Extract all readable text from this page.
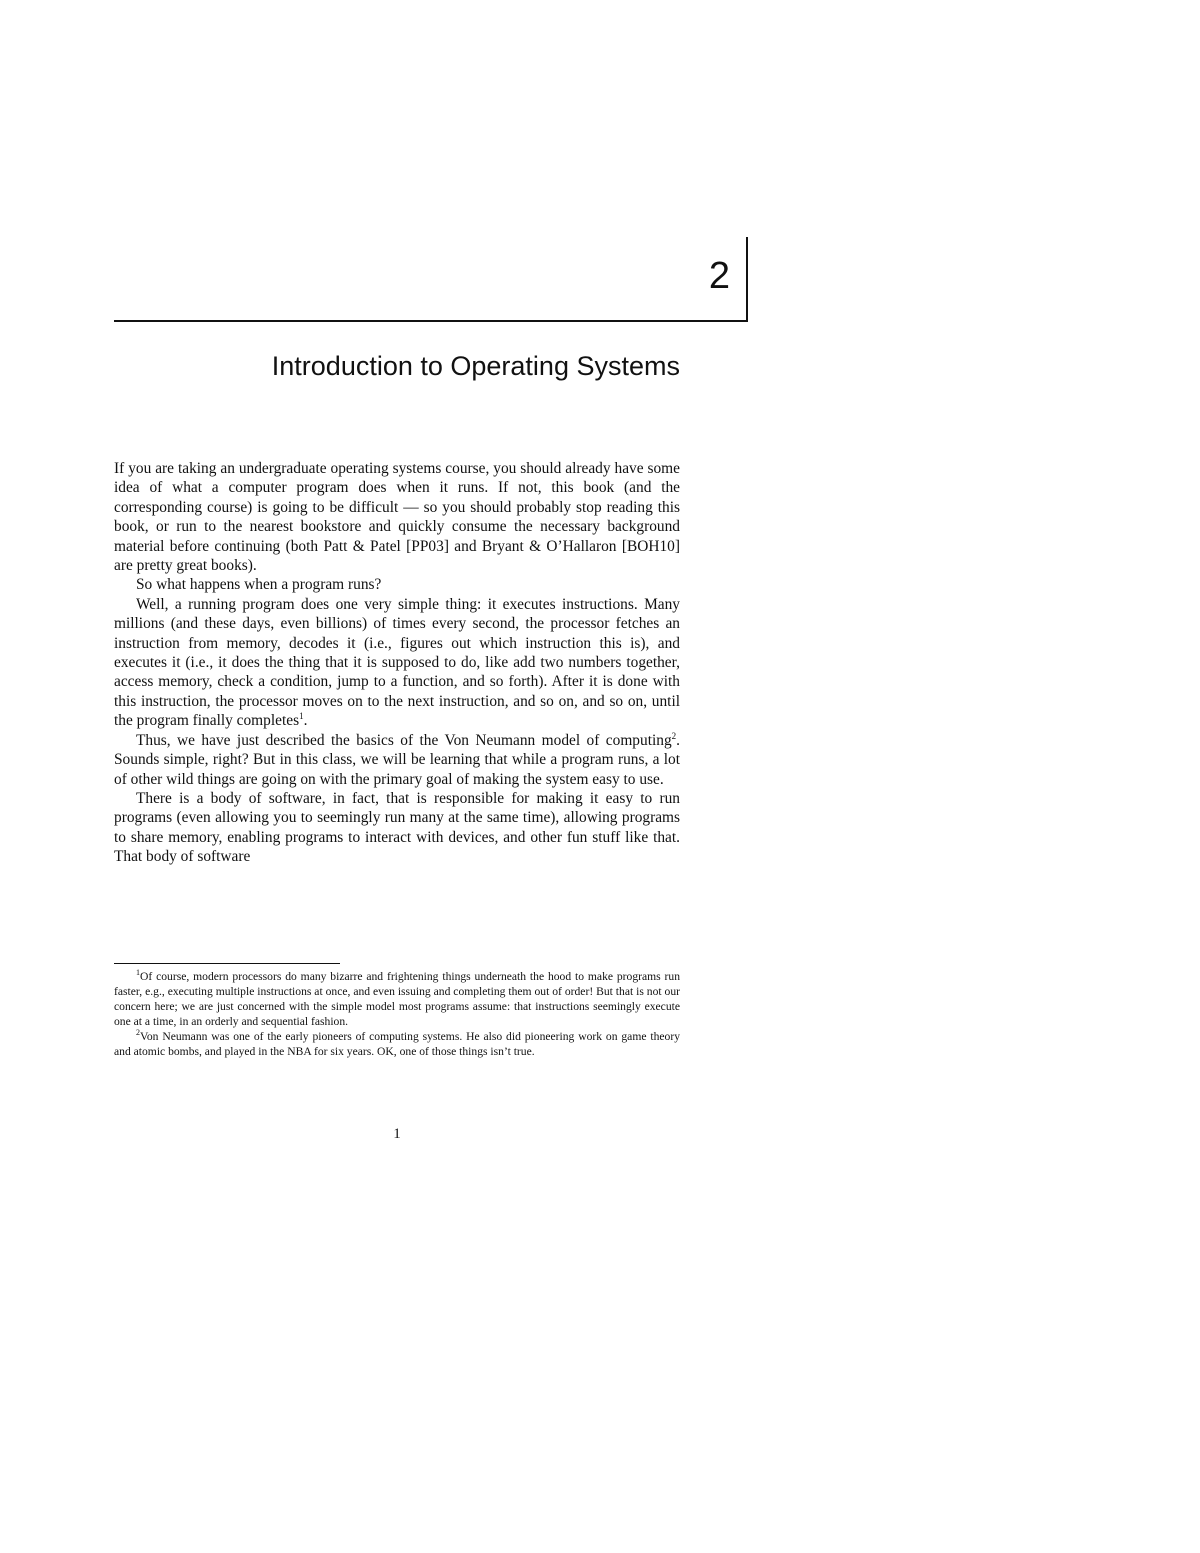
2
Introduction to Operating Systems

If you are taking an undergraduate operating systems course, you should already have some idea of what a computer program does when it runs. If not, this book (and the corresponding course) is going to be difficult — so you should probably stop reading this book, or run to the nearest bookstore and quickly consume the necessary background material before continuing (both Patt & Patel [PP03] and Bryant & O’Hallaron [BOH10] are pretty great books).

So what happens when a program runs?

Well, a running program does one very simple thing: it executes instructions. Many millions (and these days, even billions) of times every second, the processor fetches an instruction from memory, decodes it (i.e., figures out which instruction this is), and executes it (i.e., it does the thing that it is supposed to do, like add two numbers together, access memory, check a condition, jump to a function, and so forth). After it is done with this instruction, the processor moves on to the next instruction, and so on, and so on, until the program finally completes$^1$.

Thus, we have just described the basics of the Von Neumann model of computing$^2$. Sounds simple, right? But in this class, we will be learning that while a program runs, a lot of other wild things are going on with the primary goal of making the system easy to use.

There is a body of software, in fact, that is responsible for making it easy to run programs (even allowing you to seemingly run many at the same time), allowing programs to share memory, enabling programs to interact with devices, and other fun stuff like that. That body of software

$^1$Of course, modern processors do many bizarre and frightening things underneath the hood to make programs run faster, e.g., executing multiple instructions at once, and even issuing and completing them out of order! But that is not our concern here; we are just concerned with the simple model most programs assume: that instructions seemingly execute one at a time, in an orderly and sequential fashion.

$^2$Von Neumann was one of the early pioneers of computing systems. He also did pioneering work on game theory and atomic bombs, and played in the NBA for six years. OK, one of those things isn’t true.

1
